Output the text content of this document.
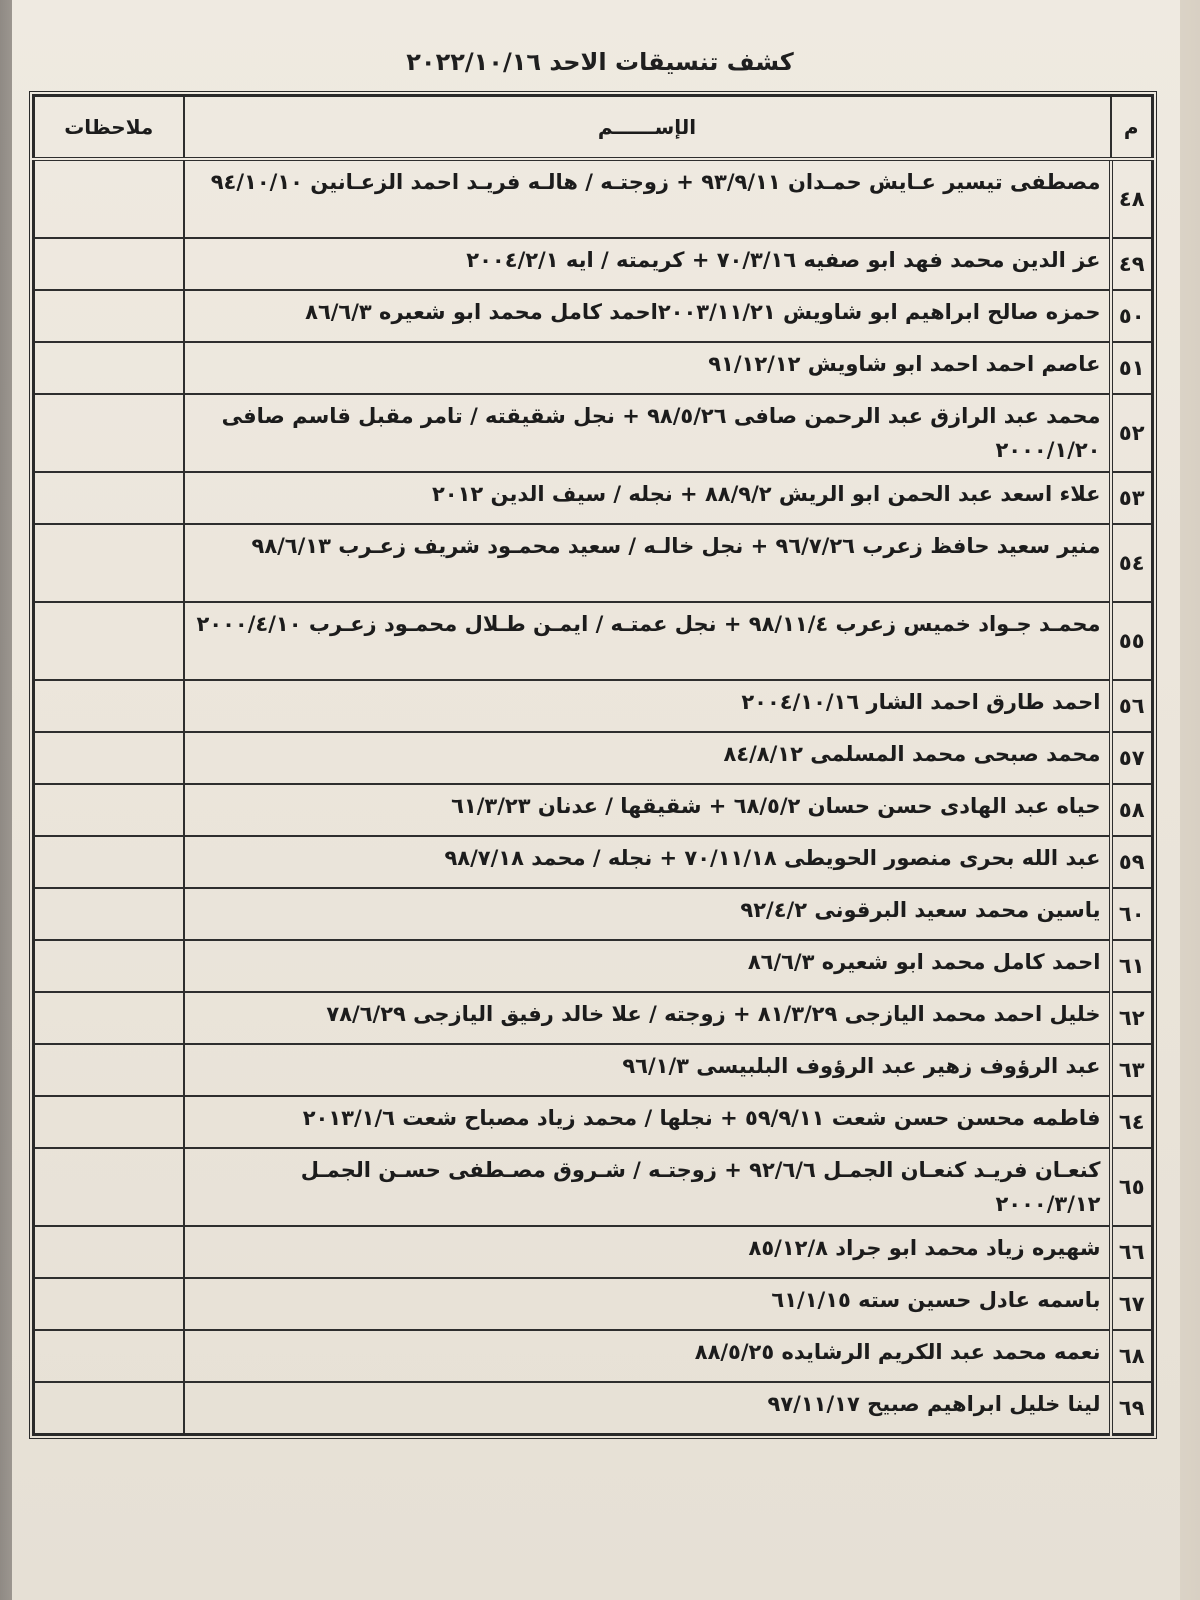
كشف تنسيقات الاحد ٢٠٢٢/١٠/١٦
م	الإســــــم	ملاحظات
٤٨	مصطفى تيسير عـايش حمـدان ٩٣/٩/١١ + زوجتـه / هالـه فريـد احمد الزعـانين ٩٤/١٠/١٠	
٤٩	عز الدين محمد فهد ابو صفيه ٧٠/٣/١٦ + كريمته / ايه ٢٠٠٤/٢/١	
٥٠	حمزه صالح ابراهيم ابو شاويش ٢٠٠٣/١١/٢١احمد كامل محمد ابو شعيره ٨٦/٦/٣	
٥١	عاصم احمد احمد ابو شاويش ٩١/١٢/١٢	
٥٢	محمد عبد الرازق عبد الرحمن صافى ٩٨/٥/٢٦ + نجل شقيقته / تامر مقبل قاسم صافى ٢٠٠٠/١/٢٠	
٥٣	علاء اسعد عبد الحمن ابو الريش ٨٨/٩/٢ + نجله / سيف الدين ٢٠١٢	
٥٤	منير سعيد حافظ زعرب ٩٦/٧/٢٦ + نجل خالـه / سعيد محمـود شريف زعـرب ٩٨/٦/١٣	
٥٥	محمـد جـواد خميس زعرب ٩٨/١١/٤ + نجل عمتـه / ايمـن طـلال محمـود زعـرب ٢٠٠٠/٤/١٠	
٥٦	احمد طارق احمد الشار ٢٠٠٤/١٠/١٦	
٥٧	محمد صبحى محمد المسلمى ٨٤/٨/١٢	
٥٨	حياه عبد الهادى حسن حسان ٦٨/٥/٢ + شقيقها / عدنان ٦١/٣/٢٣	
٥٩	عبد الله بحرى منصور الحويطى ٧٠/١١/١٨ + نجله / محمد ٩٨/٧/١٨	
٦٠	ياسين محمد سعيد البرقونى ٩٢/٤/٢	
٦١	احمد كامل محمد ابو شعيره ٨٦/٦/٣	
٦٢	خليل احمد محمد اليازجى ٨١/٣/٢٩ + زوجته / علا خالد رفيق اليازجى ٧٨/٦/٢٩	
٦٣	عبد الرؤوف زهير عبد الرؤوف البلبيسى ٩٦/١/٣	
٦٤	فاطمه محسن حسن شعت ٥٩/٩/١١ + نجلها / محمد زياد مصباح شعت ٢٠١٣/١/٦	
٦٥	كنعـان فريـد كنعـان الجمـل ٩٢/٦/٦ + زوجتـه / شـروق مصـطفى حسـن الجمـل ٢٠٠٠/٣/١٢	
٦٦	شهيره زياد محمد ابو جراد ٨٥/١٢/٨	
٦٧	باسمه عادل حسين سته ٦١/١/١٥	
٦٨	نعمه محمد عبد الكريم الرشايده ٨٨/٥/٢٥	
٦٩	لينا خليل ابراهيم صبيح ٩٧/١١/١٧	
